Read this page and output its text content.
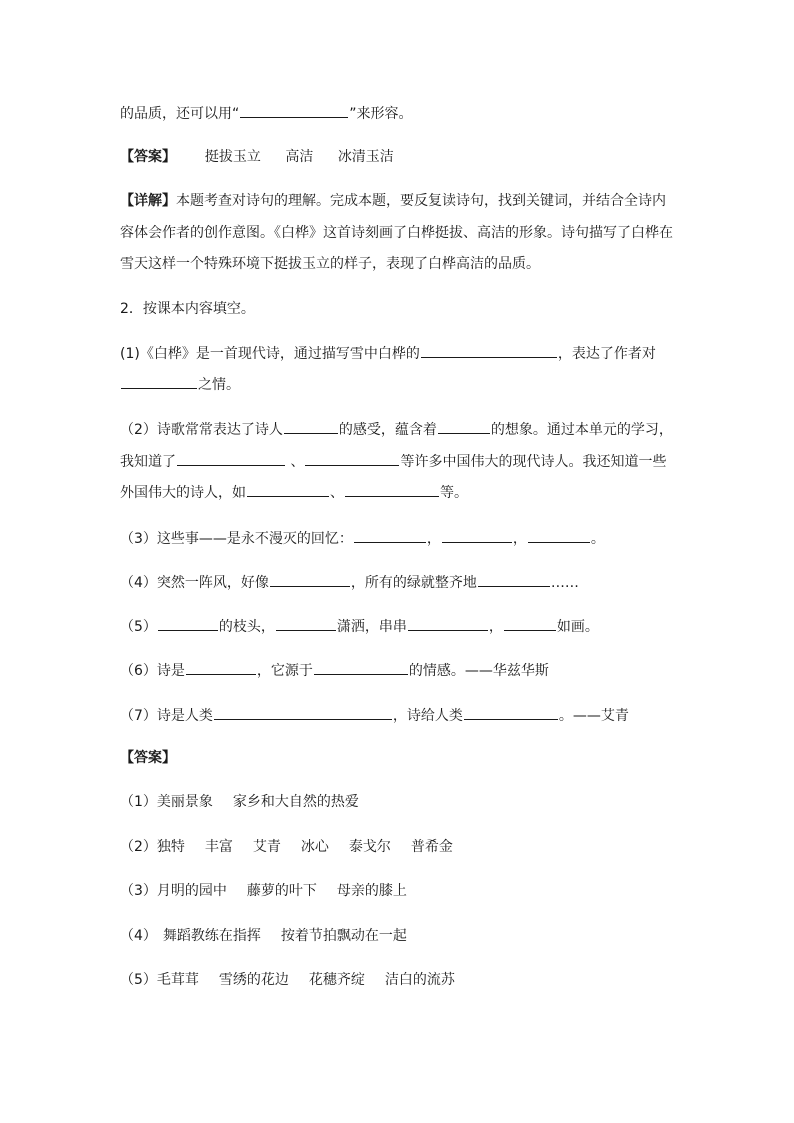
的品质，还可以用“	”来形容。
【答案】 挺拔玉立 高洁 冰清玉洁
【详解】本题考查对诗句的理解。完成本题，要反复读诗句，找到关键词，并结合全诗内
容体会作者的创作意图。《白桦》这首诗刻画了白桦挺拔、高洁的形象。诗句描写了白桦在
雪天这样一个特殊环境下挺拔玉立的样子，表现了白桦高洁的品质。
2．按课本内容填空。
(1)《白桦》是一首现代诗，通过描写雪中白桦的	，表达了作者对
之情。
（2）诗歌常常表达了诗人	的感受，蕴含着	的想象。通过本单元的学习，
我知道了	、	等许多中国伟大的现代诗人。我还知道一些
外国伟大的诗人，如	、	等。
（3）这些事——是永不漫灭的回忆：	，	，	。
（4）突然一阵风，好像	，所有的绿就整齐地	……
（5）	的枝头，	潇洒，串串	，	如画。
（6）诗是	，它源于	的情感。——华兹华斯
（7）诗是人类	，诗给人类	。——艾青
【答案】
（1）美丽景象 家乡和大自然的热爱
（2）独特 丰富 艾青 冰心 泰戈尔 普希金
（3）月明的园中 藤萝的叶下 母亲的膝上
（4） 舞蹈教练在指挥 按着节拍飘动在一起
（5）毛茸茸 雪绣的花边 花穗齐绽 洁白的流苏
